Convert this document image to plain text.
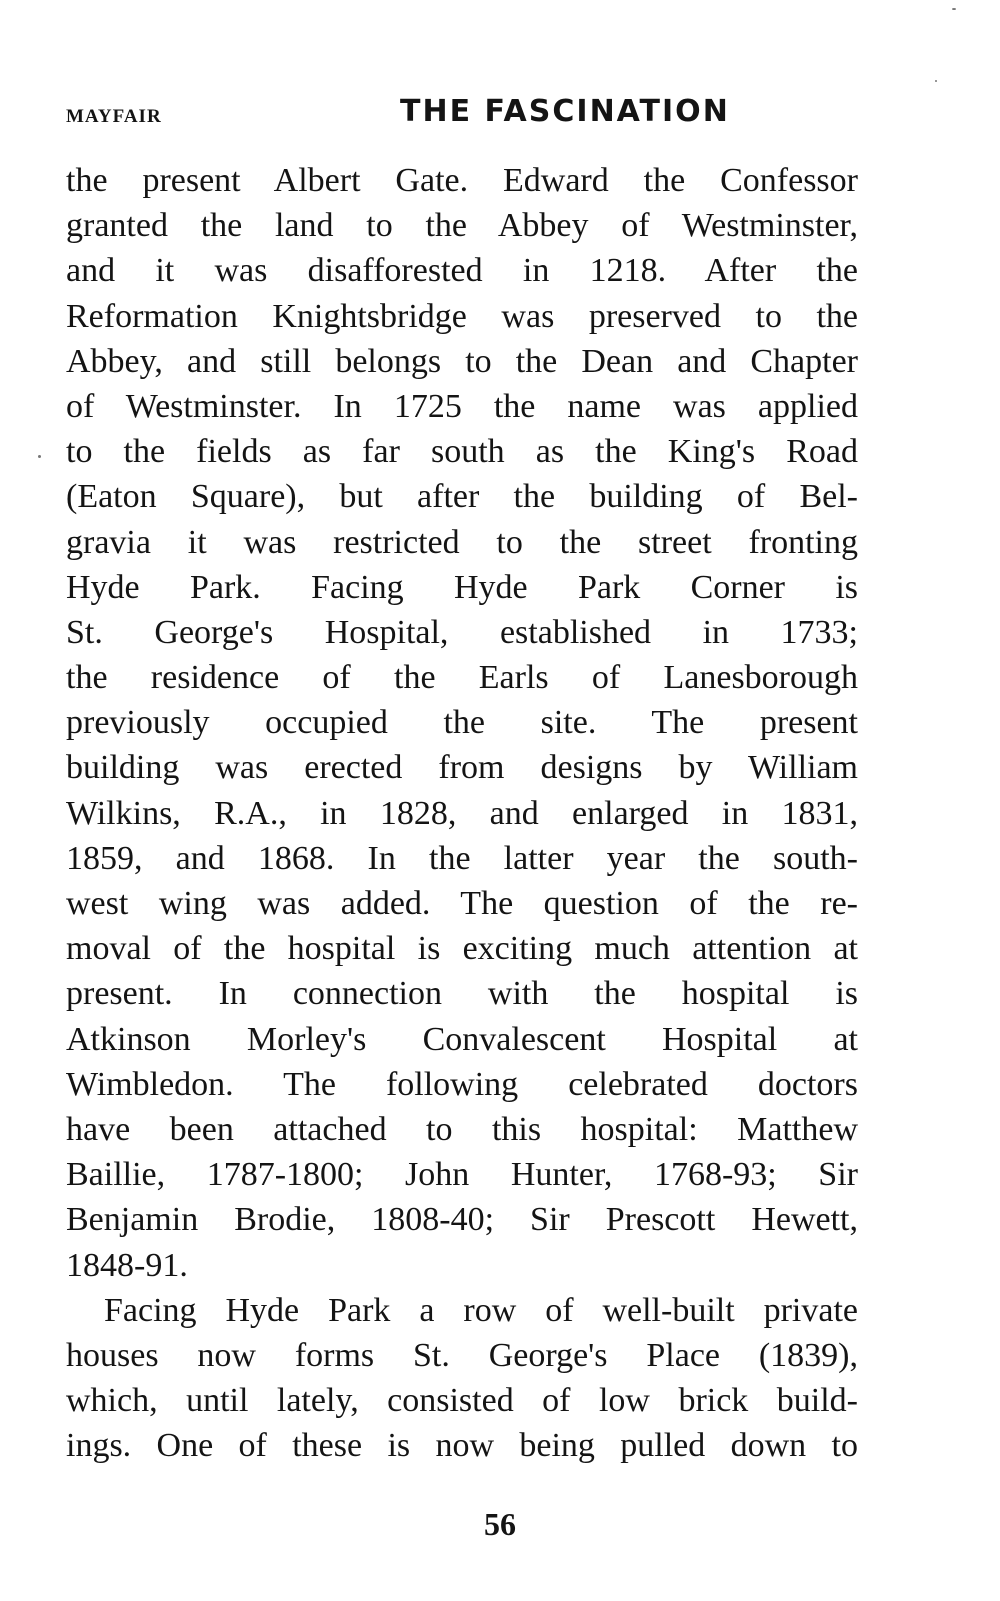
MAYFAIR	THE FASCINATION
the present Albert Gate. Edward the Confessor
granted the land to the Abbey of Westminster,
and it was disafforested in 1218. After the
Reformation Knightsbridge was preserved to the
Abbey, and still belongs to the Dean and Chapter
of Westminster. In 1725 the name was applied
to the fields as far south as the King's Road
(Eaton Square), but after the building of Bel-
gravia it was restricted to the street fronting
Hyde Park. Facing Hyde Park Corner is
St. George's Hospital, established in 1733;
the residence of the Earls of Lanesborough
previously occupied the site. The present
building was erected from designs by William
Wilkins, R.A., in 1828, and enlarged in 1831,
1859, and 1868. In the latter year the south-
west wing was added. The question of the re-
moval of the hospital is exciting much attention at
present. In connection with the hospital is
Atkinson Morley's Convalescent Hospital at
Wimbledon. The following celebrated doctors
have been attached to this hospital: Matthew
Baillie, 1787-1800; John Hunter, 1768-93; Sir
Benjamin Brodie, 1808-40; Sir Prescott Hewett,
1848-91.
Facing Hyde Park a row of well-built private
houses now forms St. George's Place (1839),
which, until lately, consisted of low brick build-
ings. One of these is now being pulled down to
56
